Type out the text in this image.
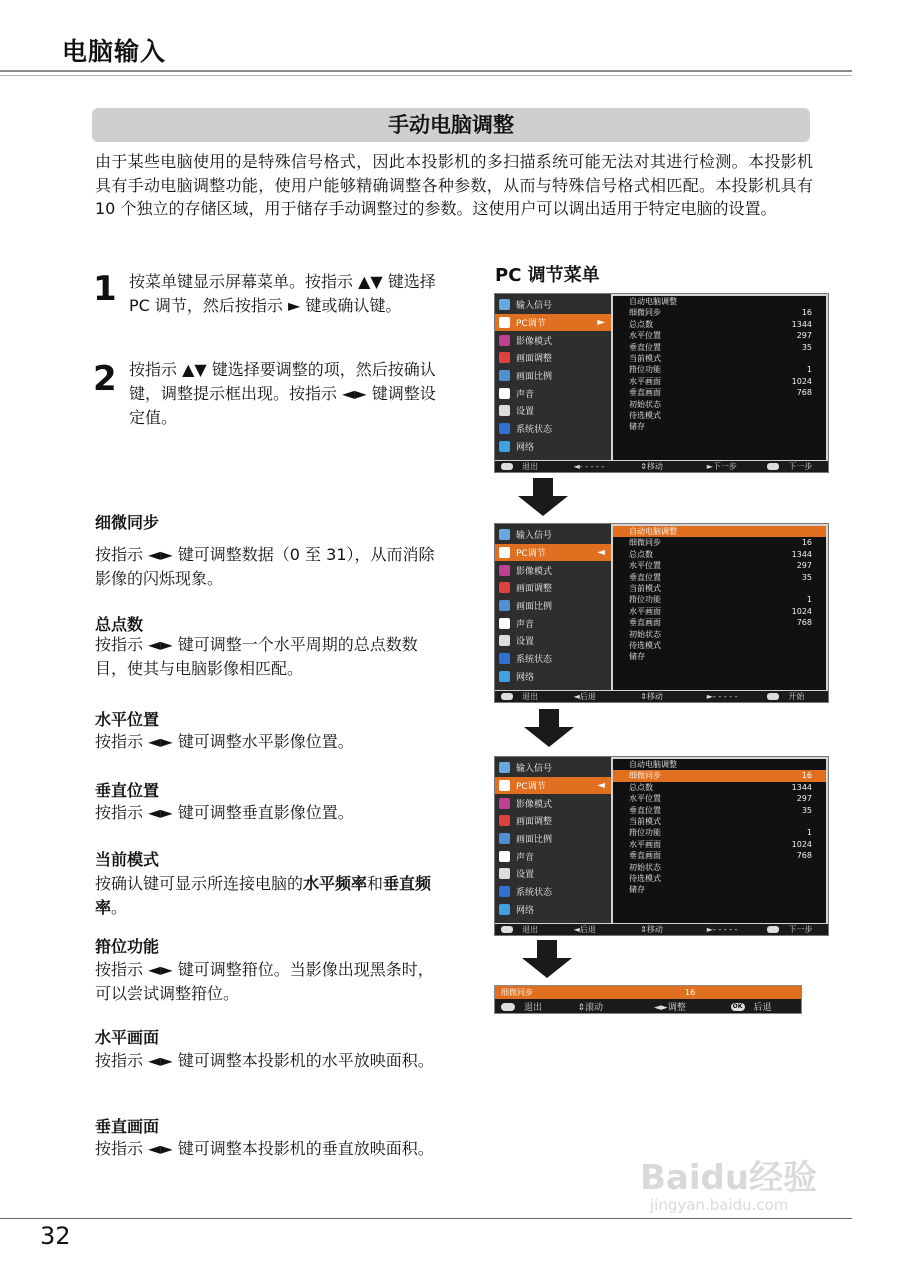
电脑输入
手动电脑调整
由于某些电脑使用的是特殊信号格式，因此本投影机的多扫描系统可能无法对其进行检测。本投影机具有手动电脑调整功能，使用户能够精确调整各种参数，从而与特殊信号格式相匹配。本投影机具有 10 个独立的存储区域，用于储存手动调整过的参数。这使用户可以调出适用于特定电脑的设置。
1 按菜单键显示屏幕菜单。按指示 ▲▼ 键选择 PC 调节，然后按指示 ► 键或确认键。
2 按指示 ▲▼ 键选择要调整的项，然后按确认键，调整提示框出现。按指示 ◄► 键调整设定值。
细微同步
按指示 ◄► 键可调整数据（0 至 31），从而消除影像的闪烁现象。
总点数
按指示 ◄► 键可调整一个水平周期的总点数数目，使其与电脑影像相匹配。
水平位置
按指示 ◄► 键可调整水平影像位置。
垂直位置
按指示 ◄► 键可调整垂直影像位置。
当前模式
按确认键可显示所连接电脑的水平频率和垂直频率。
箝位功能
按指示 ◄► 键可调整箝位。当影像出现黑条时，可以尝试调整箝位。
水平画面
按指示 ◄► 键可调整本投影机的水平放映面积。
垂直画面
按指示 ◄► 键可调整本投影机的垂直放映面积。
PC 调节菜单
输入信号
PC调节	►
影像模式
画面调整
画面比例
声音
设置
系统状态
网络
自动电脑调整
细微同步	16
总点数	1344
水平位置	297
垂直位置	35
当前模式
箝位功能	1
水平画面	1024
垂直画面	768
初始状态
待选模式
储存
退出	◄- - - - -	⇕移动	►下一步	下一步
输入信号
PC调节	◄
影像模式
画面调整
画面比例
声音
设置
系统状态
网络
自动电脑调整
细微同步	16
总点数	1344
水平位置	297
垂直位置	35
当前模式
箝位功能	1
水平画面	1024
垂直画面	768
初始状态
待选模式
储存
退出	◄后退	⇕移动	►- - - - -	开始
输入信号
PC调节	◄
影像模式
画面调整
画面比例
声音
设置
系统状态
网络
自动电脑调整
细微同步	16
总点数	1344
水平位置	297
垂直位置	35
当前模式
箝位功能	1
水平画面	1024
垂直画面	768
初始状态
待选模式
储存
退出	◄后退	⇕移动	►- - - - -	下一步
细微同步	16
退出	⇕滚动	◄►调整	OK 后退
Baidu经验
jingyan.baidu.com
32
